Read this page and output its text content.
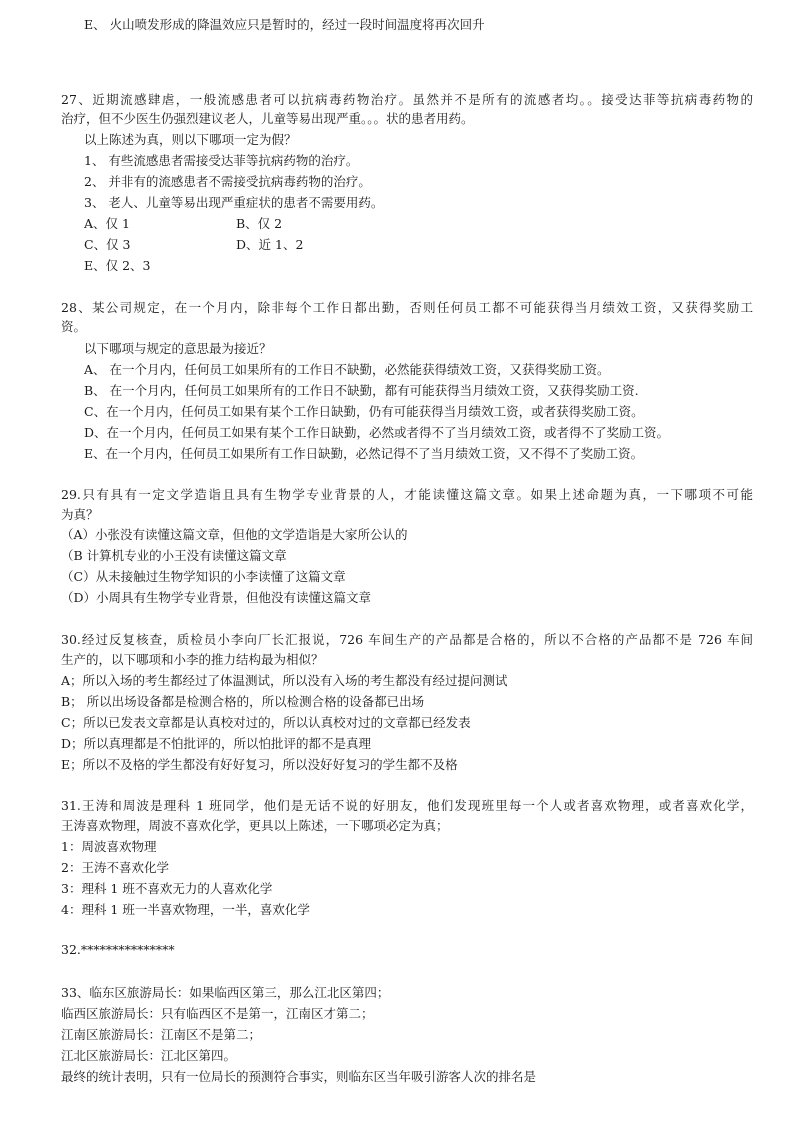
E、 火山喷发形成的降温效应只是暂时的，经过一段时间温度将再次回升
27、近期流感肆虐，一般流感患者可以抗病毒药物治疗。虽然并不是所有的流感者均。。接受达菲等抗病毒药物的
治疗，但不少医生仍强烈建议老人，儿童等易出现严重。。。状的患者用药。
以上陈述为真，则以下哪项一定为假？
1、 有些流感患者需接受达菲等抗病药物的治疗。
2、 并非有的流感患者不需接受抗病毒药物的治疗。
3、 老人、儿童等易出现严重症状的患者不需要用药。
A、仅 1	B、仅 2
C、仅 3	D、近 1、2
E、仅 2、3
28、某公司规定，在一个月内，除非每个工作日都出勤，否则任何员工都不可能获得当月绩效工资，又获得奖励工
资。
以下哪项与规定的意思最为接近？
A、 在一个月内，任何员工如果所有的工作日不缺勤，必然能获得绩效工资，又获得奖励工资。
B、 在一个月内，任何员工如果所有的工作日不缺勤，都有可能获得当月绩效工资，又获得奖励工资.
C、在一个月内，任何员工如果有某个工作日缺勤，仍有可能获得当月绩效工资，或者获得奖励工资。
D、在一个月内，任何员工如果有某个工作日缺勤，必然或者得不了当月绩效工资，或者得不了奖励工资。
E、在一个月内，任何员工如果所有工作日缺勤，必然记得不了当月绩效工资，又不得不了奖励工资。
29.只有具有一定文学造诣且具有生物学专业背景的人，才能读懂这篇文章。如果上述命题为真，一下哪项不可能
为真？
（A）小张没有读懂这篇文章，但他的文学造诣是大家所公认的
（B 计算机专业的小王没有读懂这篇文章
（C）从未接触过生物学知识的小李读懂了这篇文章
（D）小周具有生物学专业背景，但他没有读懂这篇文章
30.经过反复核查，质检员小李向厂长汇报说，726 车间生产的产品都是合格的，所以不合格的产品都不是 726 车间
生产的，以下哪项和小李的推力结构最为相似？
A；所以入场的考生都经过了体温测试，所以没有入场的考生都没有经过提问测试
B； 所以出场设备都是检测合格的，所以检测合格的设备都已出场
C；所以已发表文章都是认真校对过的，所以认真校对过的文章都已经发表
D；所以真理都是不怕批评的，所以怕批评的都不是真理
E；所以不及格的学生都没有好好复习，所以没好好复习的学生都不及格
31.王涛和周波是理科 1 班同学，他们是无话不说的好朋友，他们发现班里每一个人或者喜欢物理，或者喜欢化学，
王涛喜欢物理，周波不喜欢化学，更具以上陈述，一下哪项必定为真；
1：周波喜欢物理
2：王涛不喜欢化学
3：理科 1 班不喜欢无力的人喜欢化学
4：理科 1 班一半喜欢物理，一半，喜欢化学
32.***************
33、临东区旅游局长：如果临西区第三，那么江北区第四；
临西区旅游局长：只有临西区不是第一，江南区才第二；
江南区旅游局长：江南区不是第二；
江北区旅游局长：江北区第四。
最终的统计表明，只有一位局长的预测符合事实，则临东区当年吸引游客人次的排名是
